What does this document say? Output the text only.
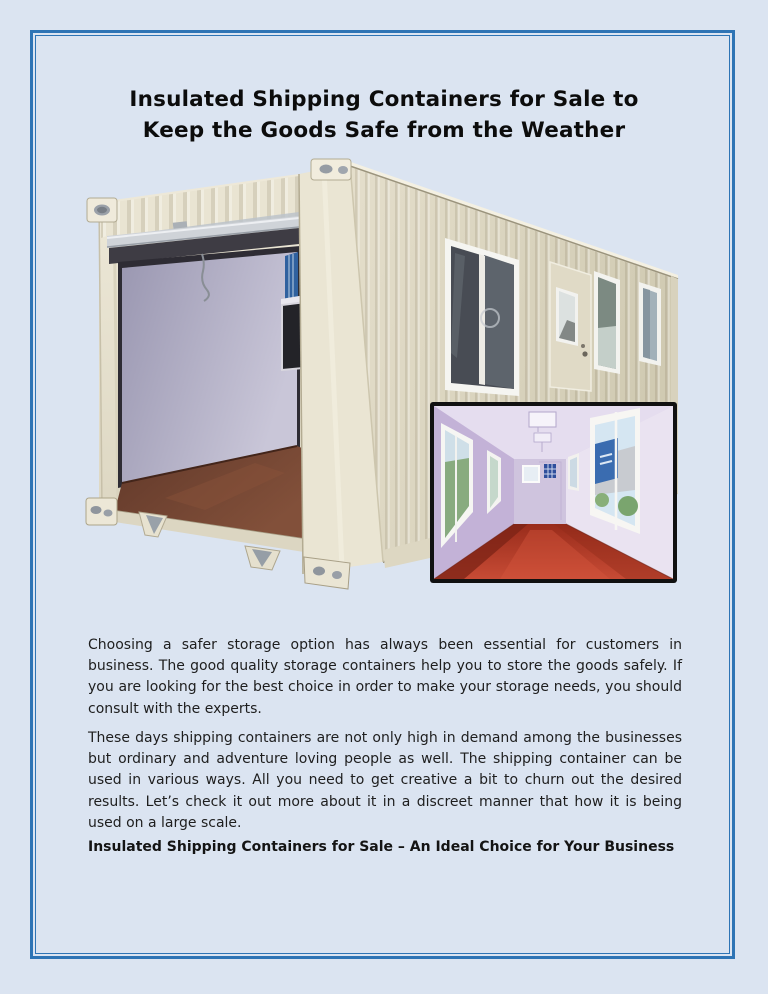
Insulated Shipping Containers for Sale to
Keep the Goods Safe from the Weather

Choosing a safer storage option has always been essential for customers in business. The good quality storage containers help you to store the goods safely. If you are looking for the best choice in order to make your storage needs, you should consult with the experts.

These days shipping containers are not only high in demand among the businesses but ordinary and adventure loving people as well. The shipping container can be used in various ways. All you need to get creative a bit to churn out the desired results. Let’s check it out more about it in a discreet manner that how it is being used on a large scale.

Insulated Shipping Containers for Sale – An Ideal Choice for Your Business
